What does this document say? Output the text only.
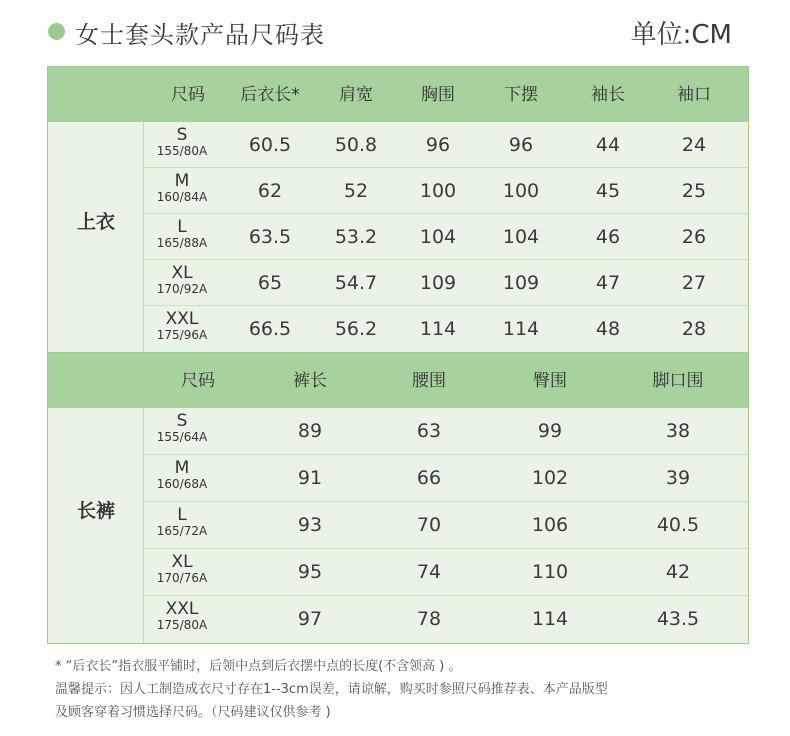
女士套头款产品尺码表	单位:CM
尺码	后衣长*	肩宽	胸围	下摆	袖长	袖口
上衣
S
155/80A	60.5	50.8	96	96	44	24
M
160/84A	62	52	100	100	45	25
L
165/88A	63.5	53.2	104	104	46	26
XL
170/92A	65	54.7	109	109	47	27
XXL
175/96A	66.5	56.2	114	114	48	28
尺码	裤长	腰围	臀围	脚口围
长裤
S
155/64A	89	63	99	38
M
160/68A	91	66	102	39
L
165/72A	93	70	106	40.5
XL
170/76A	95	74	110	42
XXL
175/80A	97	78	114	43.5
* “后衣长”指衣服平铺时，后领中点到后衣摆中点的长度(不含领高 ) 。
温馨提示：因人工制造成衣尺寸存在1--3cm误差，请谅解，购买时参照尺码推荐表、本产品版型
及顾客穿着习惯选择尺码。（尺码建议仅供参考 )
